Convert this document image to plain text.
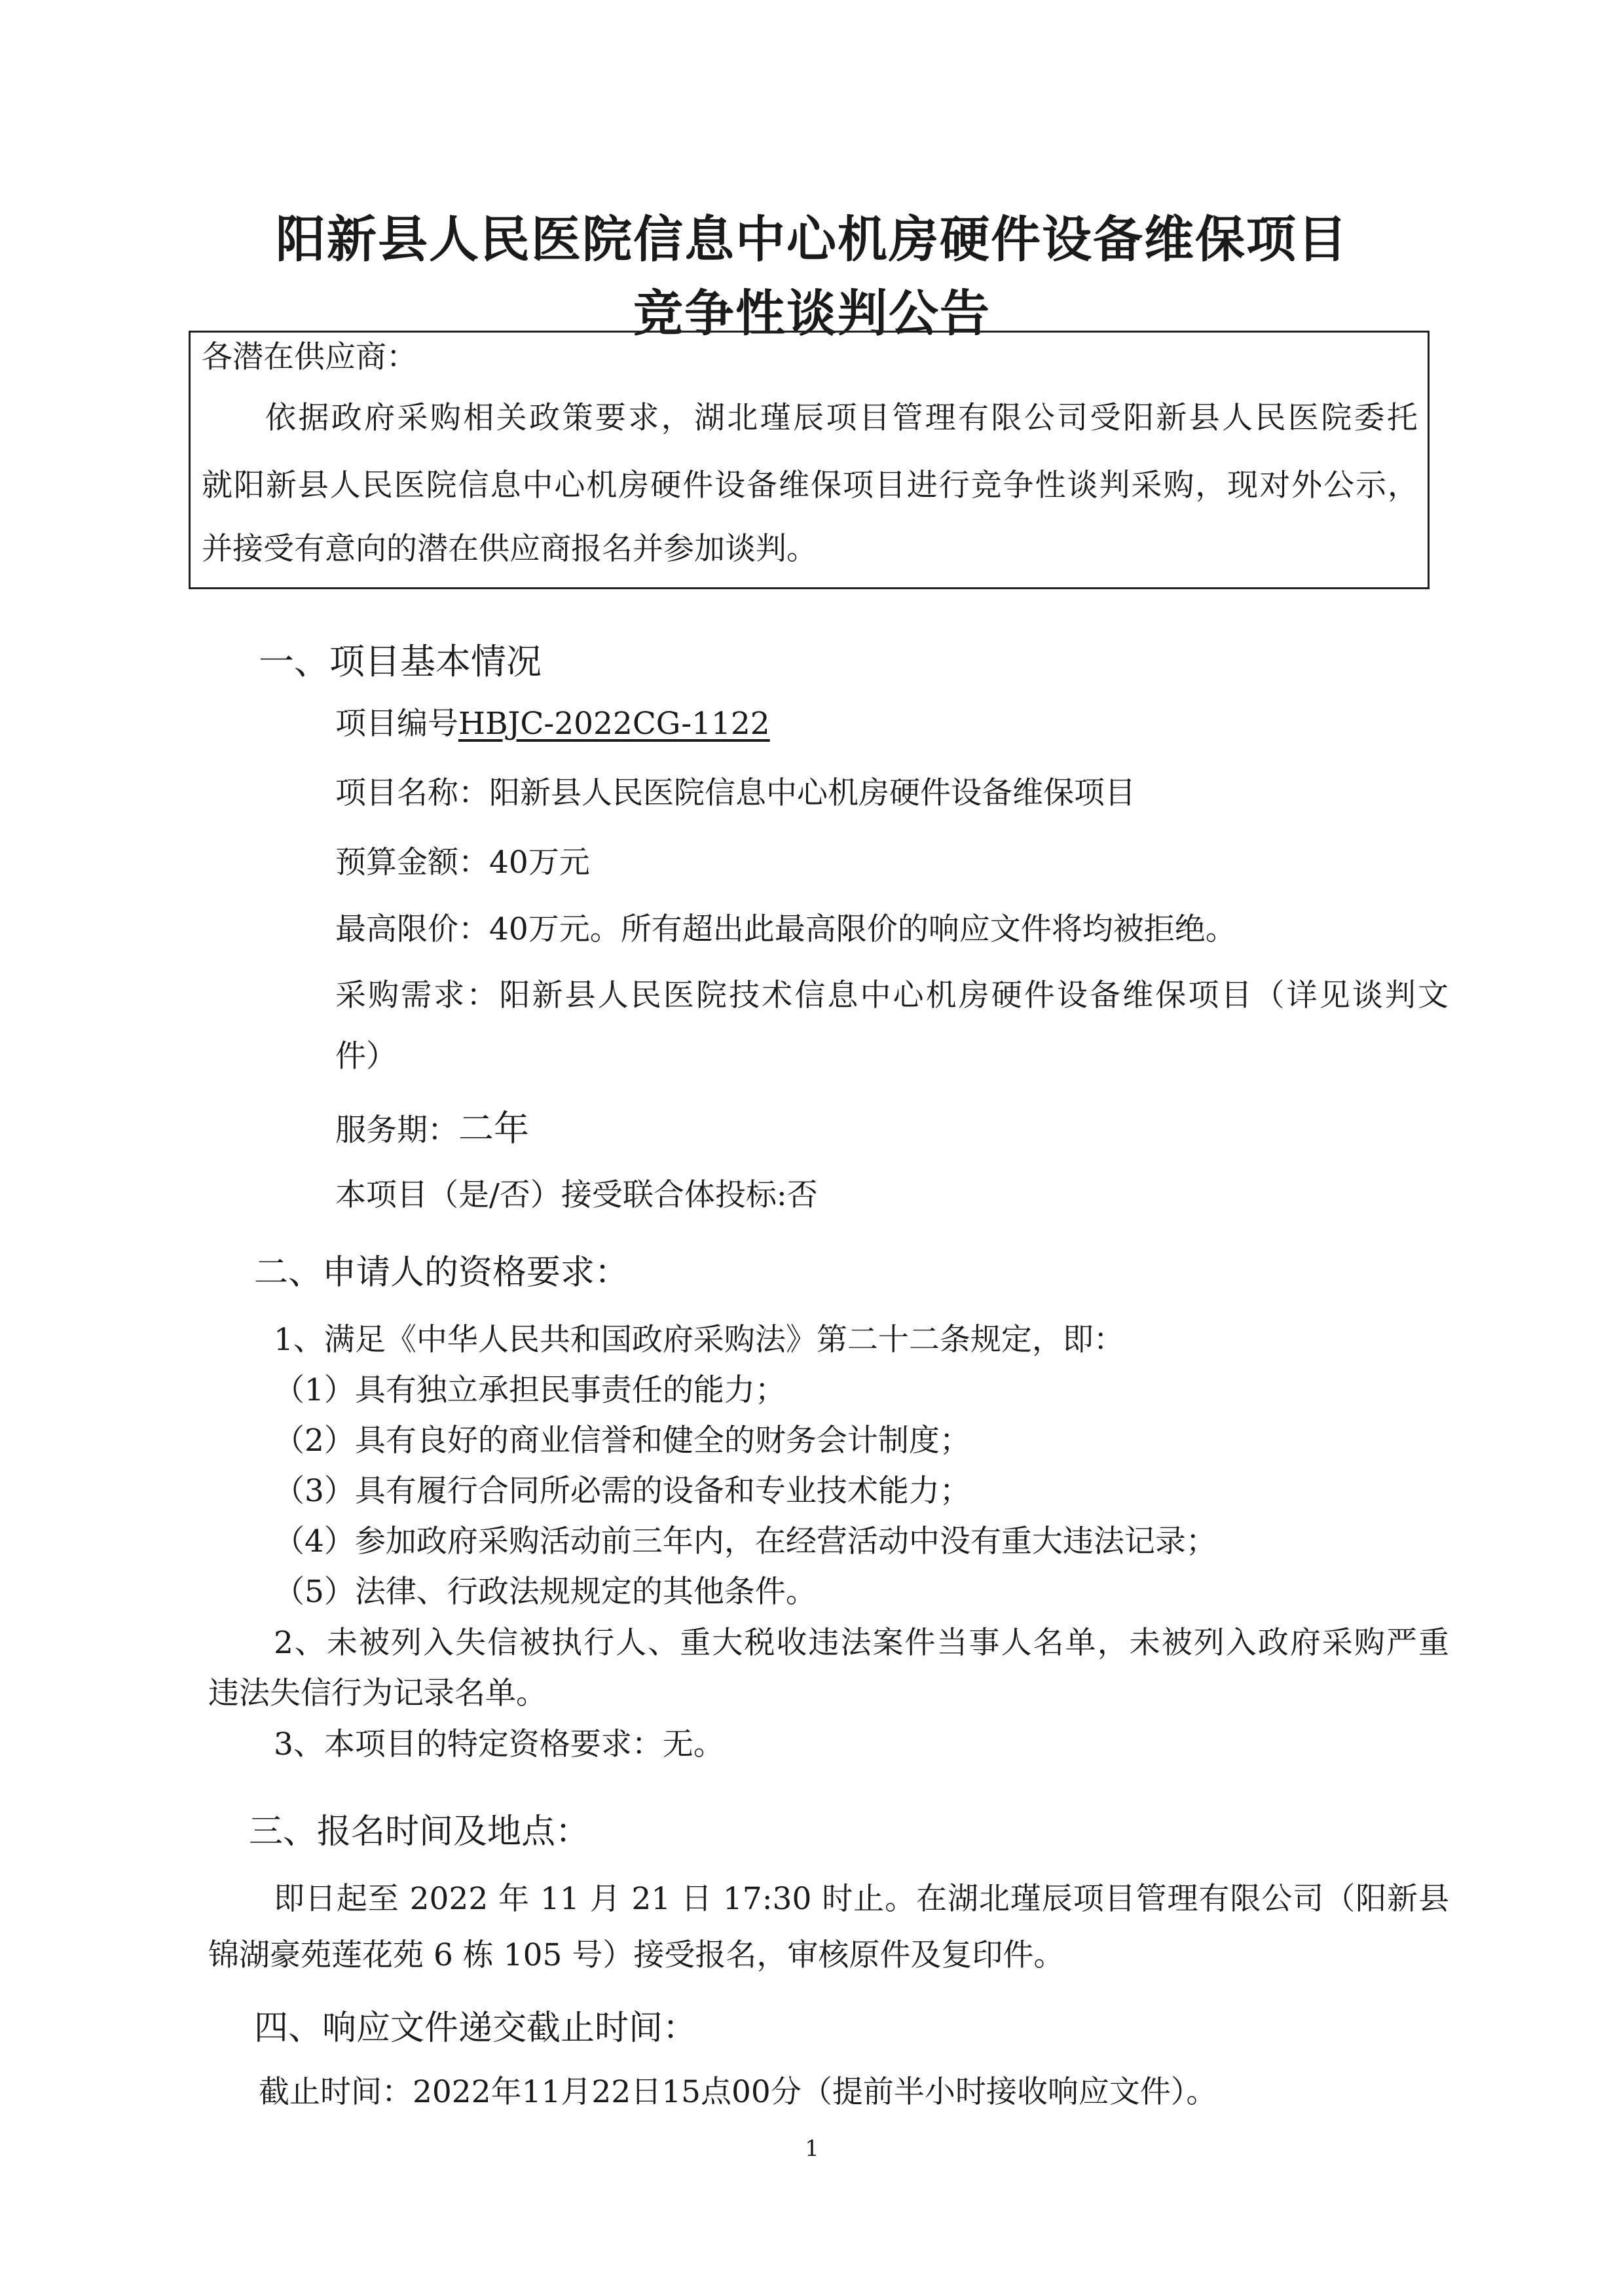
阳新县人民医院信息中心机房硬件设备维保项目
竞争性谈判公告
各潜在供应商：
依据政府采购相关政策要求，湖北瑾辰项目管理有限公司受阳新县人民医院委托
就阳新县人民医院信息中心机房硬件设备维保项目进行竞争性谈判采购，现对外公示，
并接受有意向的潜在供应商报名并参加谈判。
一、项目基本情况
项目编号HBJC-2022CG-1122
项目名称：阳新县人民医院信息中心机房硬件设备维保项目
预算金额：40万元
最高限价：40万元。所有超出此最高限价的响应文件将均被拒绝。
采购需求：阳新县人民医院技术信息中心机房硬件设备维保项目（详见谈判文
件）
服务期：二年
本项目（是/否）接受联合体投标:否
二、申请人的资格要求：
1、满足《中华人民共和国政府采购法》第二十二条规定，即：
（1）具有独立承担民事责任的能力；
（2）具有良好的商业信誉和健全的财务会计制度；
（3）具有履行合同所必需的设备和专业技术能力；
（4）参加政府采购活动前三年内，在经营活动中没有重大违法记录；
（5）法律、行政法规规定的其他条件。
2、未被列入失信被执行人、重大税收违法案件当事人名单，未被列入政府采购严重
违法失信行为记录名单。
3、本项目的特定资格要求：无。
三、报名时间及地点：
即日起至 2022 年 11 月 21 日 17:30 时止。在湖北瑾辰项目管理有限公司（阳新县
锦湖豪苑莲花苑 6 栋 105 号）接受报名，审核原件及复印件。
四、响应文件递交截止时间：
截止时间：2022年11月22日15点00分（提前半小时接收响应文件）。
1
